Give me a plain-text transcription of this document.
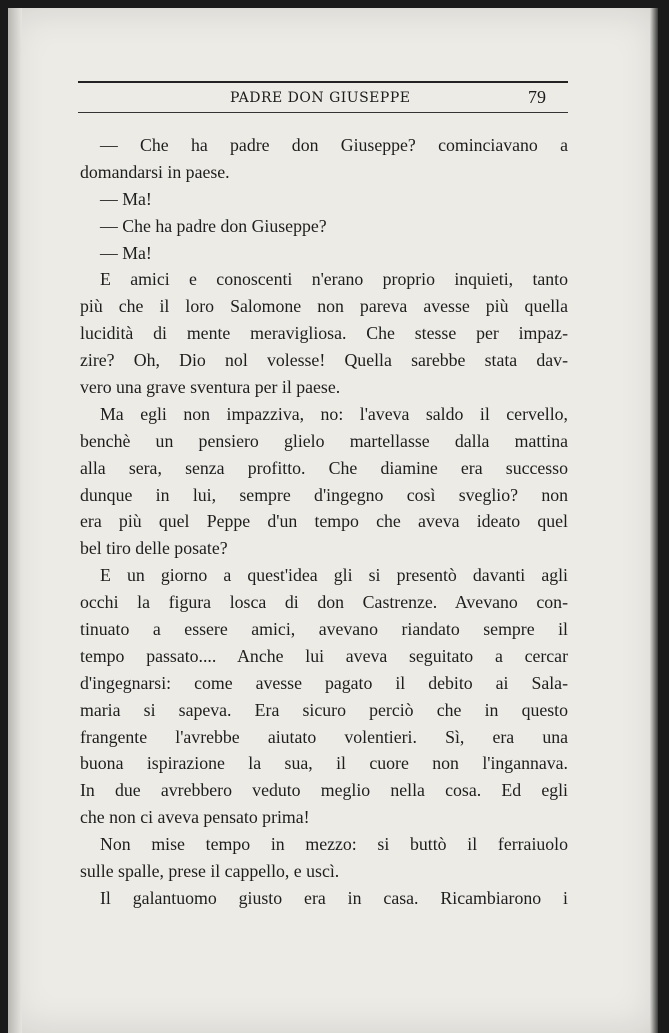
PADRE DON GIUSEPPE	79
— Che ha padre don Giuseppe? cominciavano a
domandarsi in paese.
— Ma!
— Che ha padre don Giuseppe?
— Ma!
E amici e conoscenti n'erano proprio inquieti, tanto
più che il loro Salomone non pareva avesse più quella
lucidità di mente meravigliosa. Che stesse per impaz-
zire? Oh, Dio nol volesse! Quella sarebbe stata dav-
vero una grave sventura per il paese.
Ma egli non impazziva, no: l'aveva saldo il cervello,
benchè un pensiero glielo martellasse dalla mattina
alla sera, senza profitto. Che diamine era successo
dunque in lui, sempre d'ingegno così sveglio? non
era più quel Peppe d'un tempo che aveva ideato quel
bel tiro delle posate?
E un giorno a quest'idea gli si presentò davanti agli
occhi la figura losca di don Castrenze. Avevano con-
tinuato a essere amici, avevano riandato sempre il
tempo passato.... Anche lui aveva seguitato a cercar
d'ingegnarsi: come avesse pagato il debito ai Sala-
maria si sapeva. Era sicuro perciò che in questo
frangente l'avrebbe aiutato volentieri. Sì, era una
buona ispirazione la sua, il cuore non l'ingannava.
In due avrebbero veduto meglio nella cosa. Ed egli
che non ci aveva pensato prima!
Non mise tempo in mezzo: si buttò il ferraiuolo
sulle spalle, prese il cappello, e uscì.
Il galantuomo giusto era in casa. Ricambiarono i
